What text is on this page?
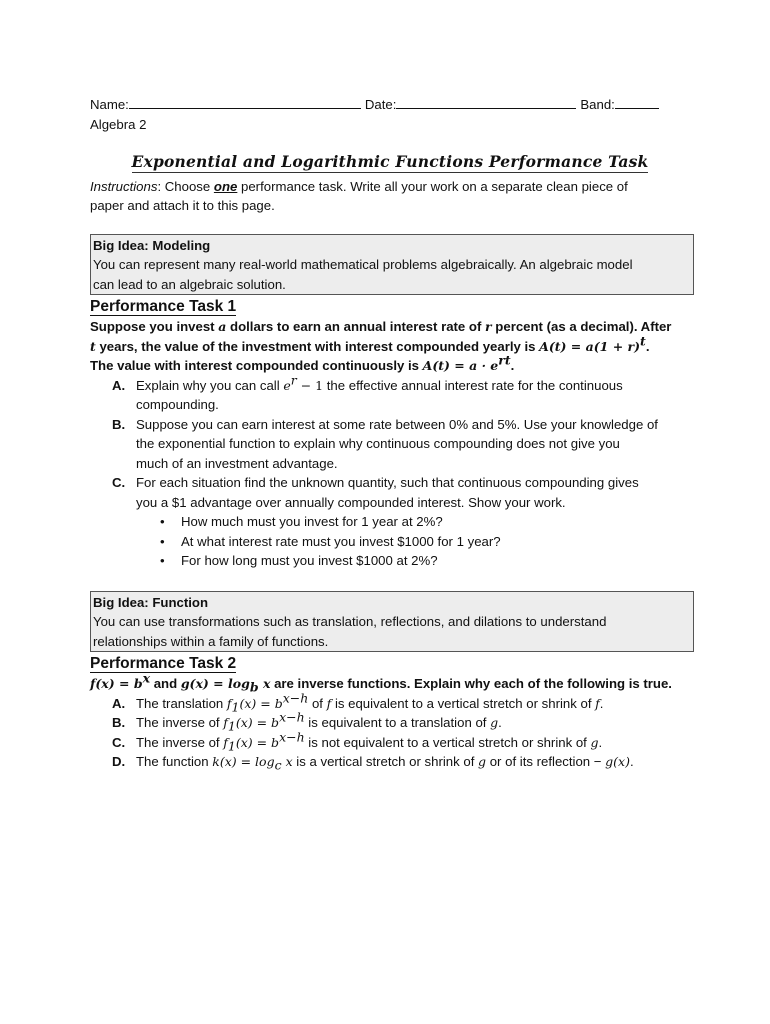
Name:	Date:	Band:
Algebra 2
Exponential and Logarithmic Functions Performance Task
Instructions: Choose one performance task. Write all your work on a separate clean piece of
paper and attach it to this page.
Big Idea: Modeling
You can represent many real-world mathematical problems algebraically. An algebraic model
can lead to an algebraic solution.
Performance Task 1
Suppose you invest a dollars to earn an annual interest rate of r percent (as a decimal). After
t years, the value of the investment with interest compounded yearly is $A(t) = a(1 + r)^t$.
The value with interest compounded continuously is $A(t) = a \cdot e^{rt}$.
A. Explain why you can call $e^r - 1$ the effective annual interest rate for the continuous
compounding.
B. Suppose you can earn interest at some rate between 0% and 5%. Use your knowledge of
the exponential function to explain why continuous compounding does not give you
much of an investment advantage.
C. For each situation find the unknown quantity, such that continuous compounding gives
you a $1 advantage over annually compounded interest. Show your work.
• How much must you invest for 1 year at 2%?
• At what interest rate must you invest $1000 for 1 year?
• For how long must you invest $1000 at 2%?
Big Idea: Function
You can use transformations such as translation, reflections, and dilations to understand
relationships within a family of functions.
Performance Task 2
$f(x) = b^x$ and $g(x) = \log_b x$ are inverse functions. Explain why each of the following is true.
A. The translation $f_1(x) = b^{x-h}$ of f is equivalent to a vertical stretch or shrink of f.
B. The inverse of $f_1(x) = b^{x-h}$ is equivalent to a translation of g.
C. The inverse of $f_1(x) = b^{x-h}$ is not equivalent to a vertical stretch or shrink of g.
D. The function $k(x) = \log_c x$ is a vertical stretch or shrink of g or of its reflection − g(x).
